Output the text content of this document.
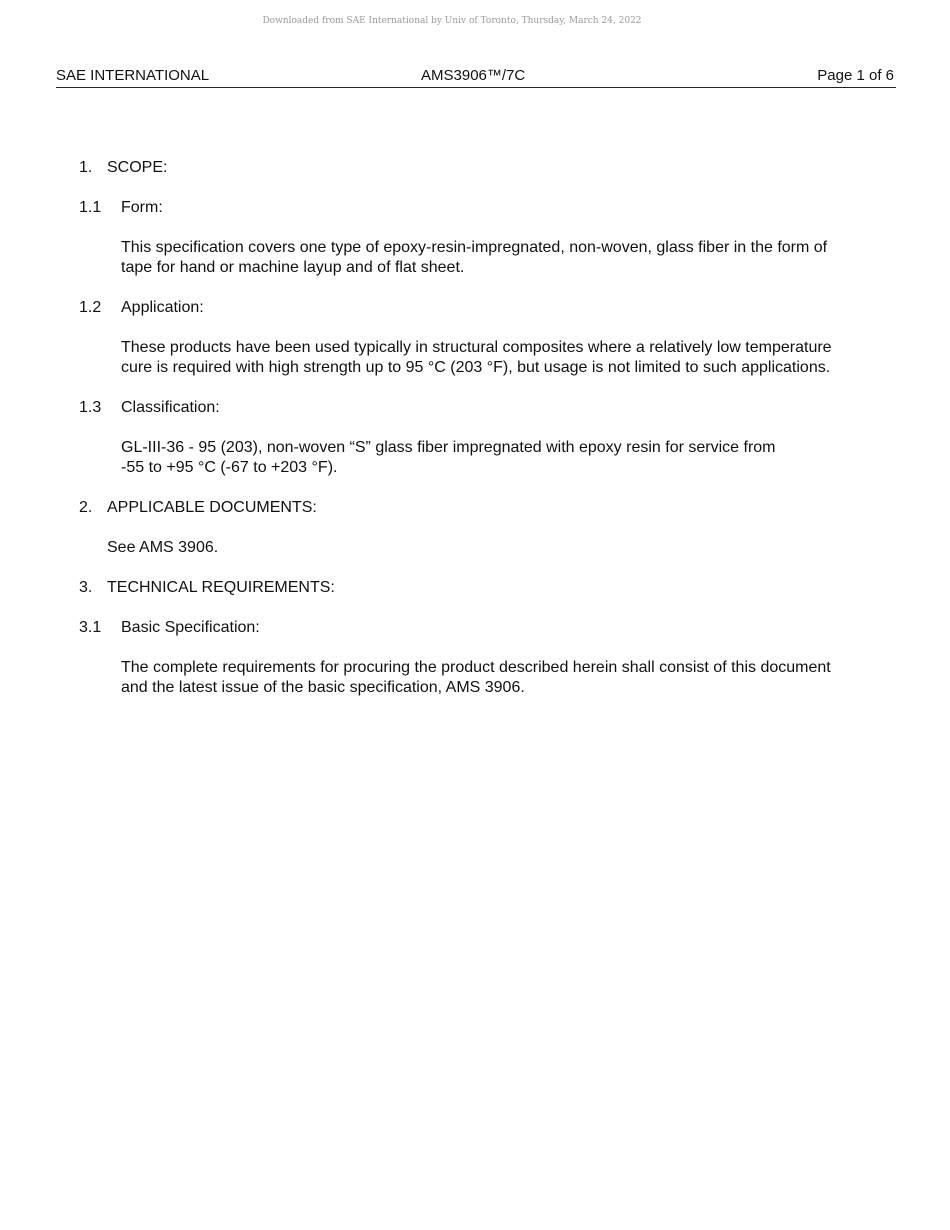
Downloaded from SAE International by Univ of Toronto, Thursday, March 24, 2022
SAE INTERNATIONAL	AMS3906™/7C	Page 1 of 6
1. SCOPE:
1.1 Form:

This specification covers one type of epoxy-resin-impregnated, non-woven, glass fiber in the form of

tape for hand or machine layup and of flat sheet.

1.2 Application:

These products have been used typically in structural composites where a relatively low temperature

cure is required with high strength up to 95 °C (203 °F), but usage is not limited to such applications.

1.3 Classification:

GL-III-36 - 95 (203), non-woven “S” glass fiber impregnated with epoxy resin for service from

-55 to +95 °C (-67 to +203 °F).

2. APPLICABLE DOCUMENTS:

See AMS 3906.

3. TECHNICAL REQUIREMENTS:
3.1 Basic Specification:

The complete requirements for procuring the product described herein shall consist of this document

and the latest issue of the basic specification, AMS 3906.
